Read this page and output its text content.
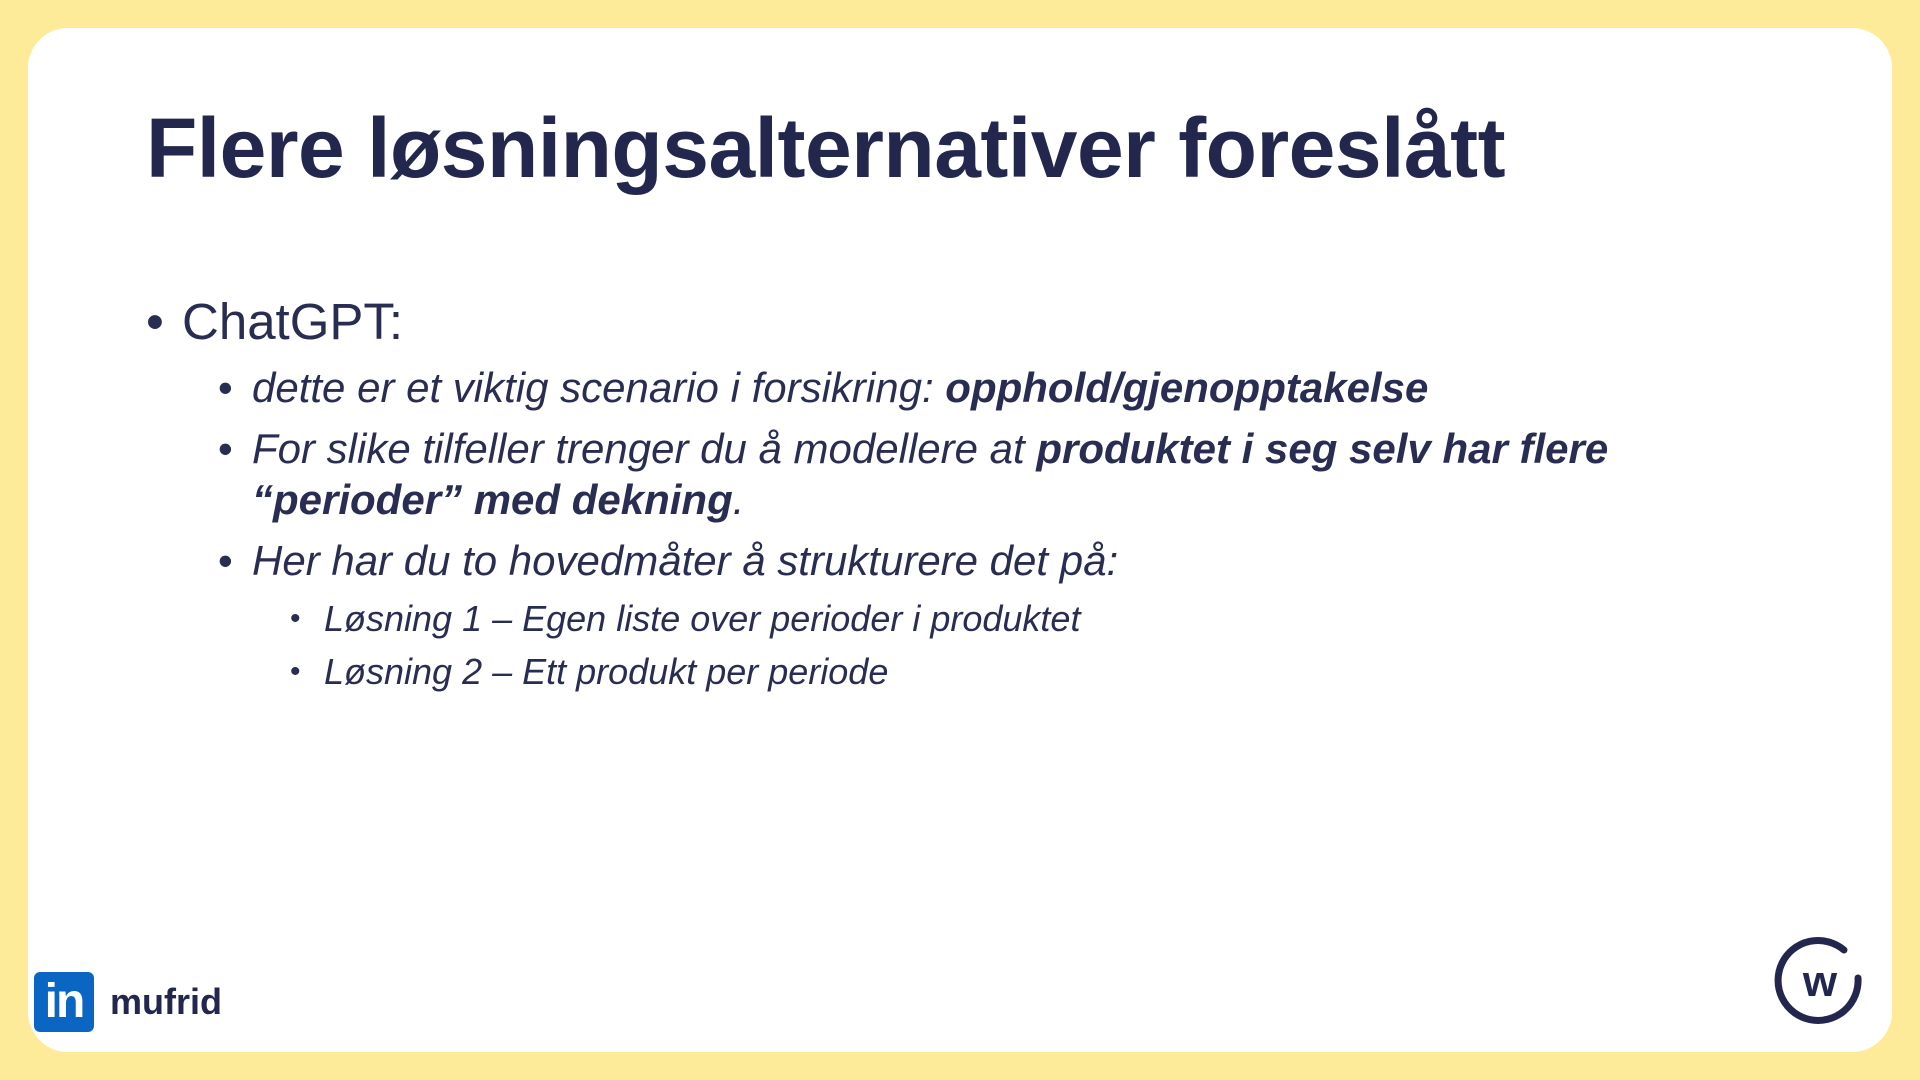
Flere løsningsalternativer foreslått
• ChatGPT:
• dette er et viktig scenario i forsikring: opphold/gjenopptakelse
• For slike tilfeller trenger du å modellere at produktet i seg selv har flere “perioder” med dekning.
• Her har du to hovedmåter å strukturere det på:
• Løsning 1 – Egen liste over perioder i produktet
• Løsning 2 – Ett produkt per periode
in mufrid	w
